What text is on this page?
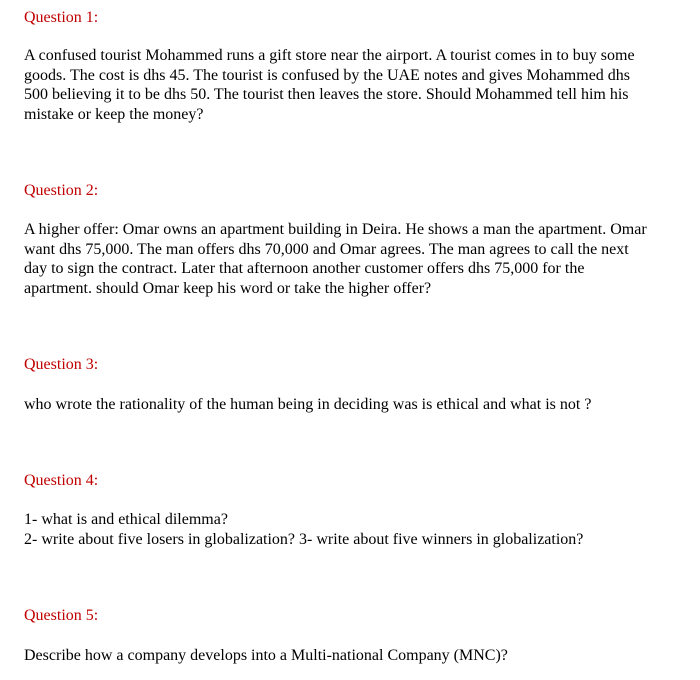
Question 1:

A confused tourist Mohammed runs a gift store near the airport. A tourist comes in to buy some
goods. The cost is dhs 45. The tourist is confused by the UAE notes and gives Mohammed dhs
500 believing it to be dhs 50. The tourist then leaves the store. Should Mohammed tell him his
mistake or keep the money?

Question 2:

A higher offer: Omar owns an apartment building in Deira. He shows a man the apartment. Omar
want dhs 75,000. The man offers dhs 70,000 and Omar agrees. The man agrees to call the next
day to sign the contract. Later that afternoon another customer offers dhs 75,000 for the
apartment. should Omar keep his word or take the higher offer?

Question 3:

who wrote the rationality of the human being in deciding was is ethical and what is not ?

Question 4:

1- what is and ethical dilemma?
2- write about five losers in globalization? 3- write about five winners in globalization?

Question 5:

Describe how a company develops into a Multi-national Company (MNC)?
